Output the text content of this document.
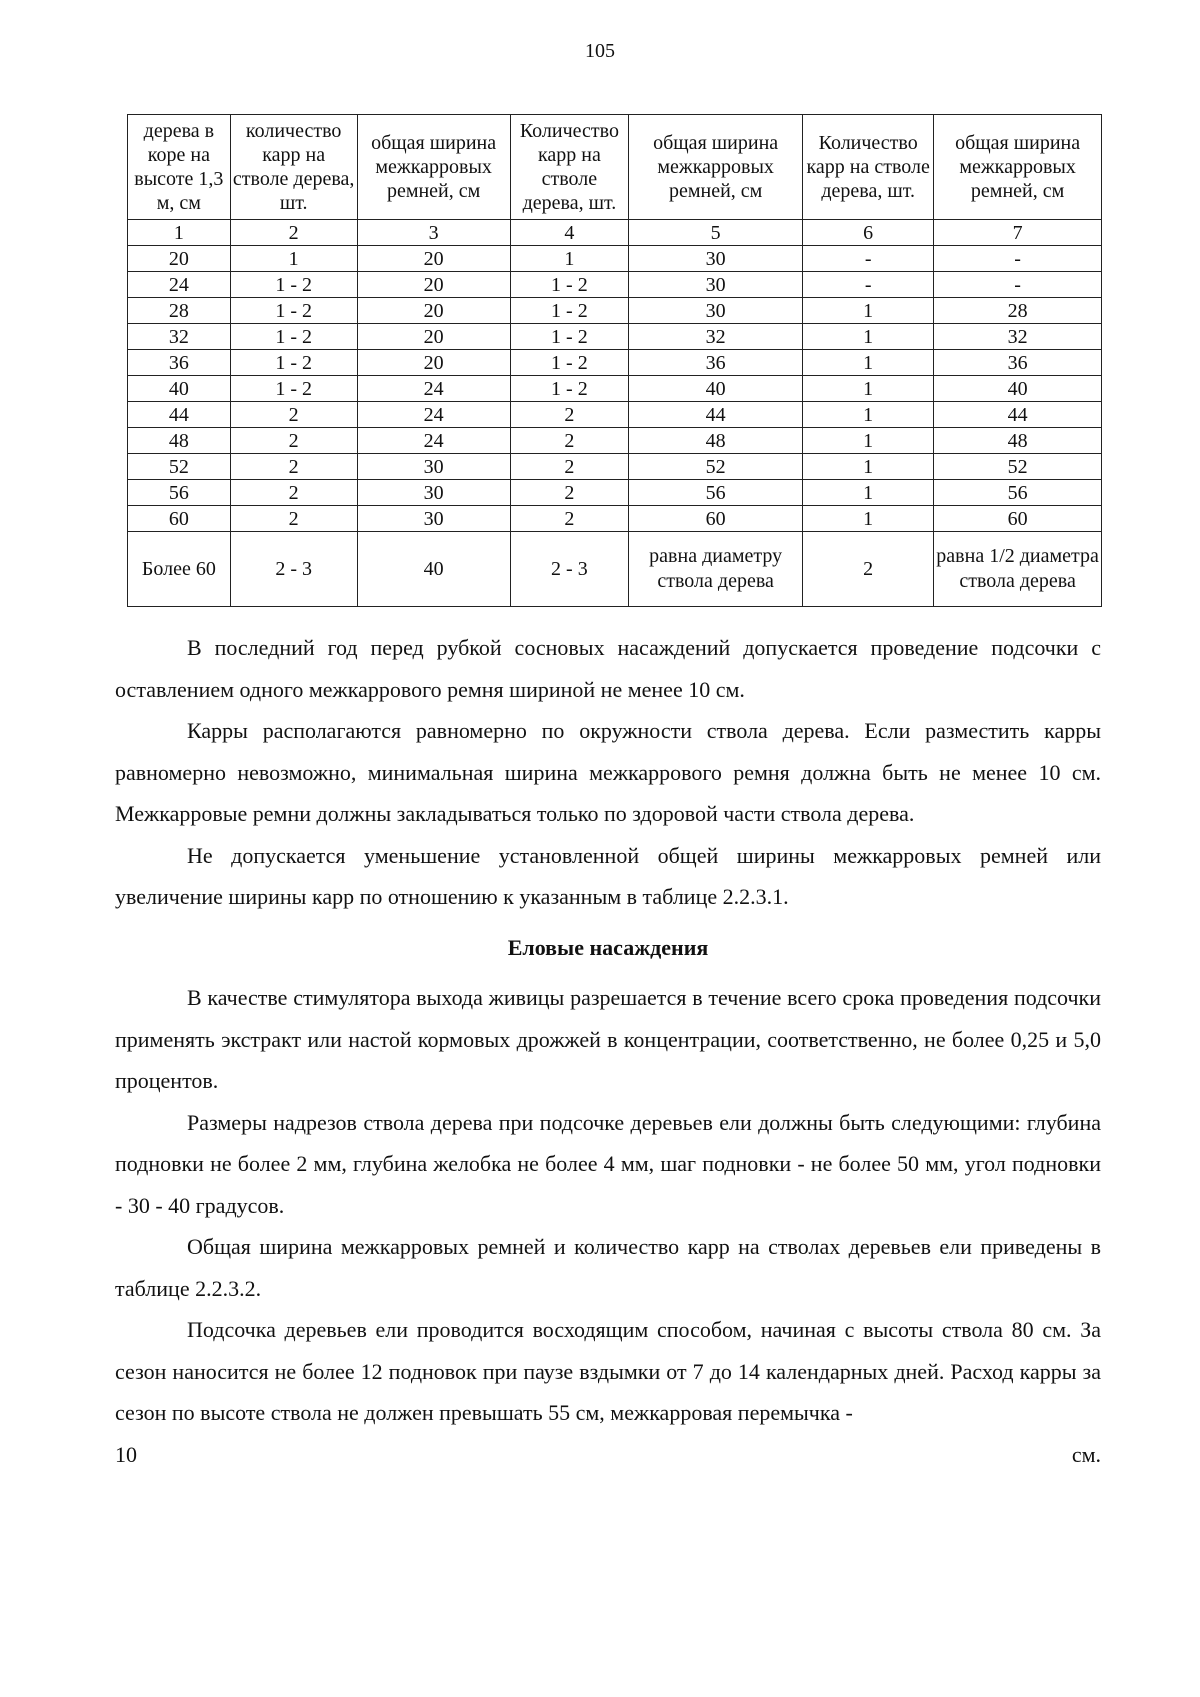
105
дерева в коре на высоте 1,3 м, см	количество карр на стволе дерева, шт.	общая ширина межкарровых ремней, см	Количество карр на стволе дерева, шт.	общая ширина межкарровых ремней, см	Количество карр на стволе дерева, шт.	общая ширина межкарровых ремней, см
1	2	3	4	5	6	7
20	1	20	1	30	-	-
24	1 - 2	20	1 - 2	30	-	-
28	1 - 2	20	1 - 2	30	1	28
32	1 - 2	20	1 - 2	32	1	32
36	1 - 2	20	1 - 2	36	1	36
40	1 - 2	24	1 - 2	40	1	40
44	2	24	2	44	1	44
48	2	24	2	48	1	48
52	2	30	2	52	1	52
56	2	30	2	56	1	56
60	2	30	2	60	1	60
Более 60	2 - 3	40	2 - 3	равна диаметру ствола дерева	2	равна 1/2 диаметра ствола дерева

В последний год перед рубкой сосновых насаждений допускается проведение подсочки с оставлением одного межкаррового ремня шириной не менее 10 см.

Карры располагаются равномерно по окружности ствола дерева. Если разместить карры равномерно невозможно, минимальная ширина межкаррового ремня должна быть не менее 10 см. Межкарровые ремни должны закладываться только по здоровой части ствола дерева.

Не допускается уменьшение установленной общей ширины межкарровых ремней или увеличение ширины карр по отношению к указанным в таблице 2.2.3.1.

Еловые насаждения

В качестве стимулятора выхода живицы разрешается в течение всего срока проведения подсочки применять экстракт или настой кормовых дрожжей в концентрации, соответственно, не более 0,25 и 5,0 процентов.

Размеры надрезов ствола дерева при подсочке деревьев ели должны быть следующими: глубина подновки не более 2 мм, глубина желобка не более 4 мм, шаг подновки - не более 50 мм, угол подновки - 30 - 40 градусов.

Общая ширина межкарровых ремней и количество карр на стволах деревьев ели приведены в таблице 2.2.3.2.

Подсочка деревьев ели проводится восходящим способом, начиная с высоты ствола 80 см. За сезон наносится не более 12 подновок при паузе вздымки от 7 до 14 календарных дней. Расход карры за сезон по высоте ствола не должен превышать 55 см, межкарровая перемычка -

10	см.
